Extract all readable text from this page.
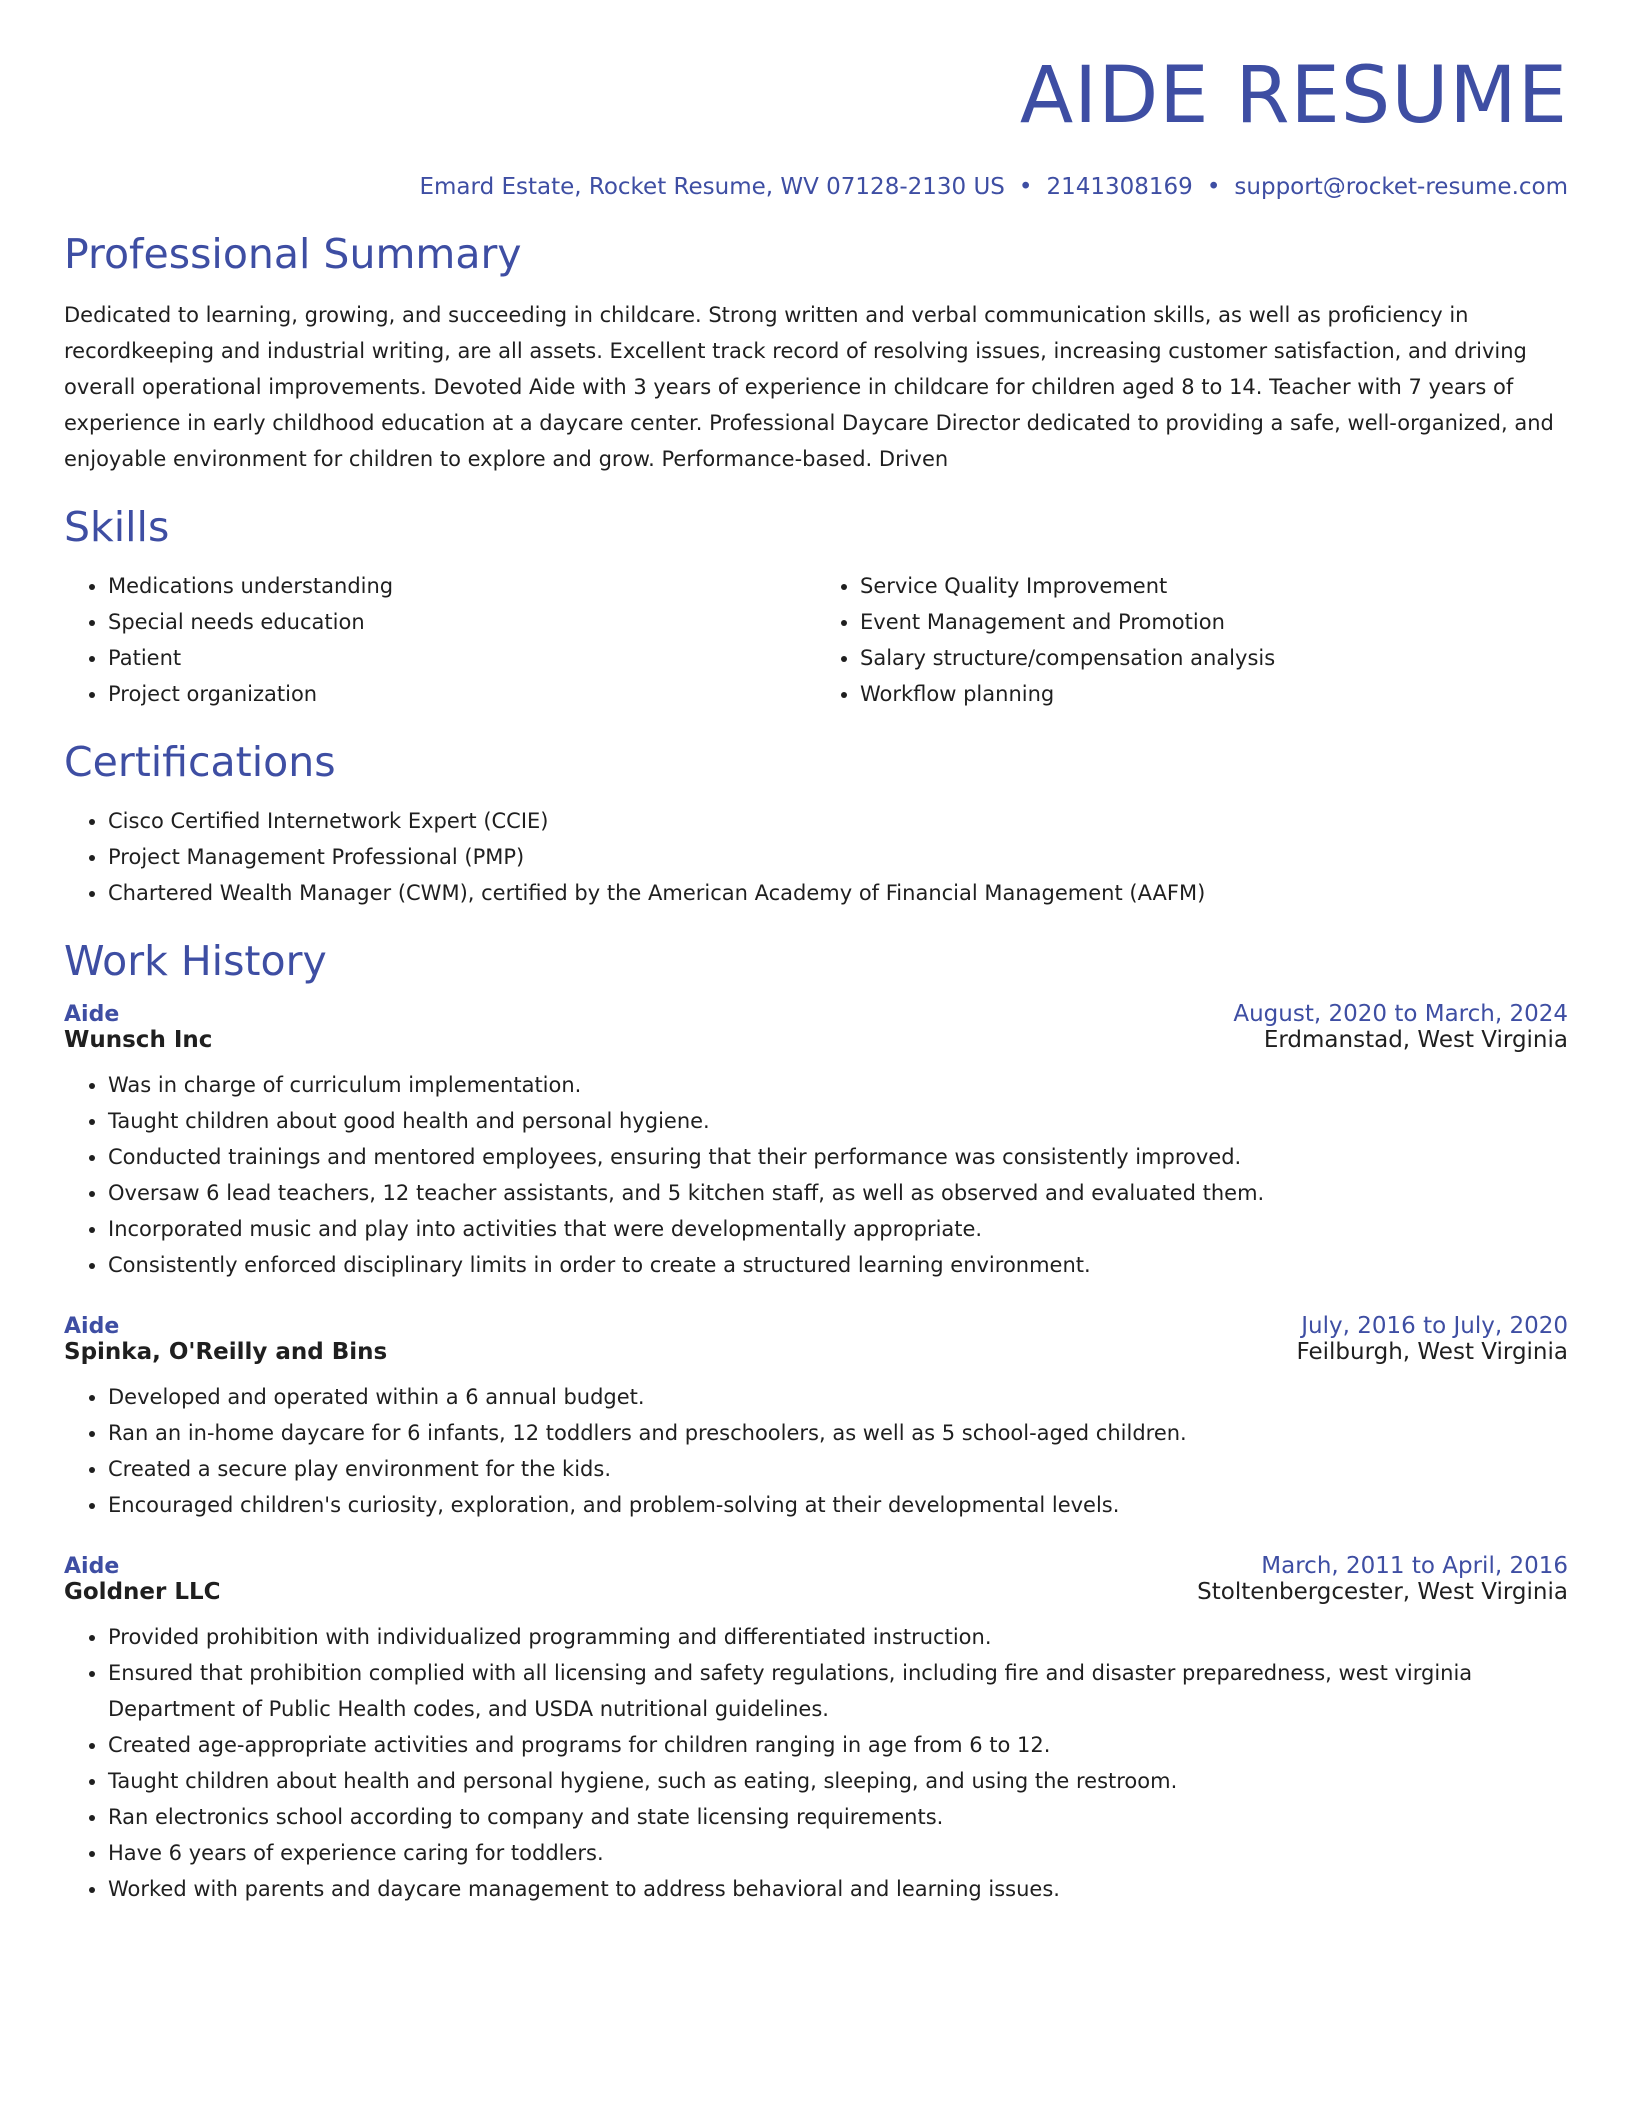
AIDE RESUME
Emard Estate, Rocket Resume, WV 07128-2130 US • 2141308169 • support@rocket-resume.com
Professional Summary
Dedicated to learning, growing, and succeeding in childcare. Strong written and verbal communication skills, as well as proficiency in recordkeeping and industrial writing, are all assets. Excellent track record of resolving issues, increasing customer satisfaction, and driving overall operational improvements. Devoted Aide with 3 years of experience in childcare for children aged 8 to 14. Teacher with 7 years of experience in early childhood education at a daycare center. Professional Daycare Director dedicated to providing a safe, well-organized, and enjoyable environment for children to explore and grow. Performance-based. Driven
Skills
• Medications understanding
• Special needs education
• Patient
• Project organization
• Service Quality Improvement
• Event Management and Promotion
• Salary structure/compensation analysis
• Workflow planning
Certifications
• Cisco Certified Internetwork Expert (CCIE)
• Project Management Professional (PMP)
• Chartered Wealth Manager (CWM), certified by the American Academy of Financial Management (AAFM)
Work History
Aide	August, 2020 to March, 2024
Wunsch Inc	Erdmanstad, West Virginia
• Was in charge of curriculum implementation.
• Taught children about good health and personal hygiene.
• Conducted trainings and mentored employees, ensuring that their performance was consistently improved.
• Oversaw 6 lead teachers, 12 teacher assistants, and 5 kitchen staff, as well as observed and evaluated them.
• Incorporated music and play into activities that were developmentally appropriate.
• Consistently enforced disciplinary limits in order to create a structured learning environment.
Aide	July, 2016 to July, 2020
Spinka, O'Reilly and Bins	Feilburgh, West Virginia
• Developed and operated within a 6 annual budget.
• Ran an in-home daycare for 6 infants, 12 toddlers and preschoolers, as well as 5 school-aged children.
• Created a secure play environment for the kids.
• Encouraged children's curiosity, exploration, and problem-solving at their developmental levels.
Aide	March, 2011 to April, 2016
Goldner LLC	Stoltenbergcester, West Virginia
• Provided prohibition with individualized programming and differentiated instruction.
• Ensured that prohibition complied with all licensing and safety regulations, including fire and disaster preparedness, west virginia Department of Public Health codes, and USDA nutritional guidelines.
• Created age-appropriate activities and programs for children ranging in age from 6 to 12.
• Taught children about health and personal hygiene, such as eating, sleeping, and using the restroom.
• Ran electronics school according to company and state licensing requirements.
• Have 6 years of experience caring for toddlers.
• Worked with parents and daycare management to address behavioral and learning issues.
